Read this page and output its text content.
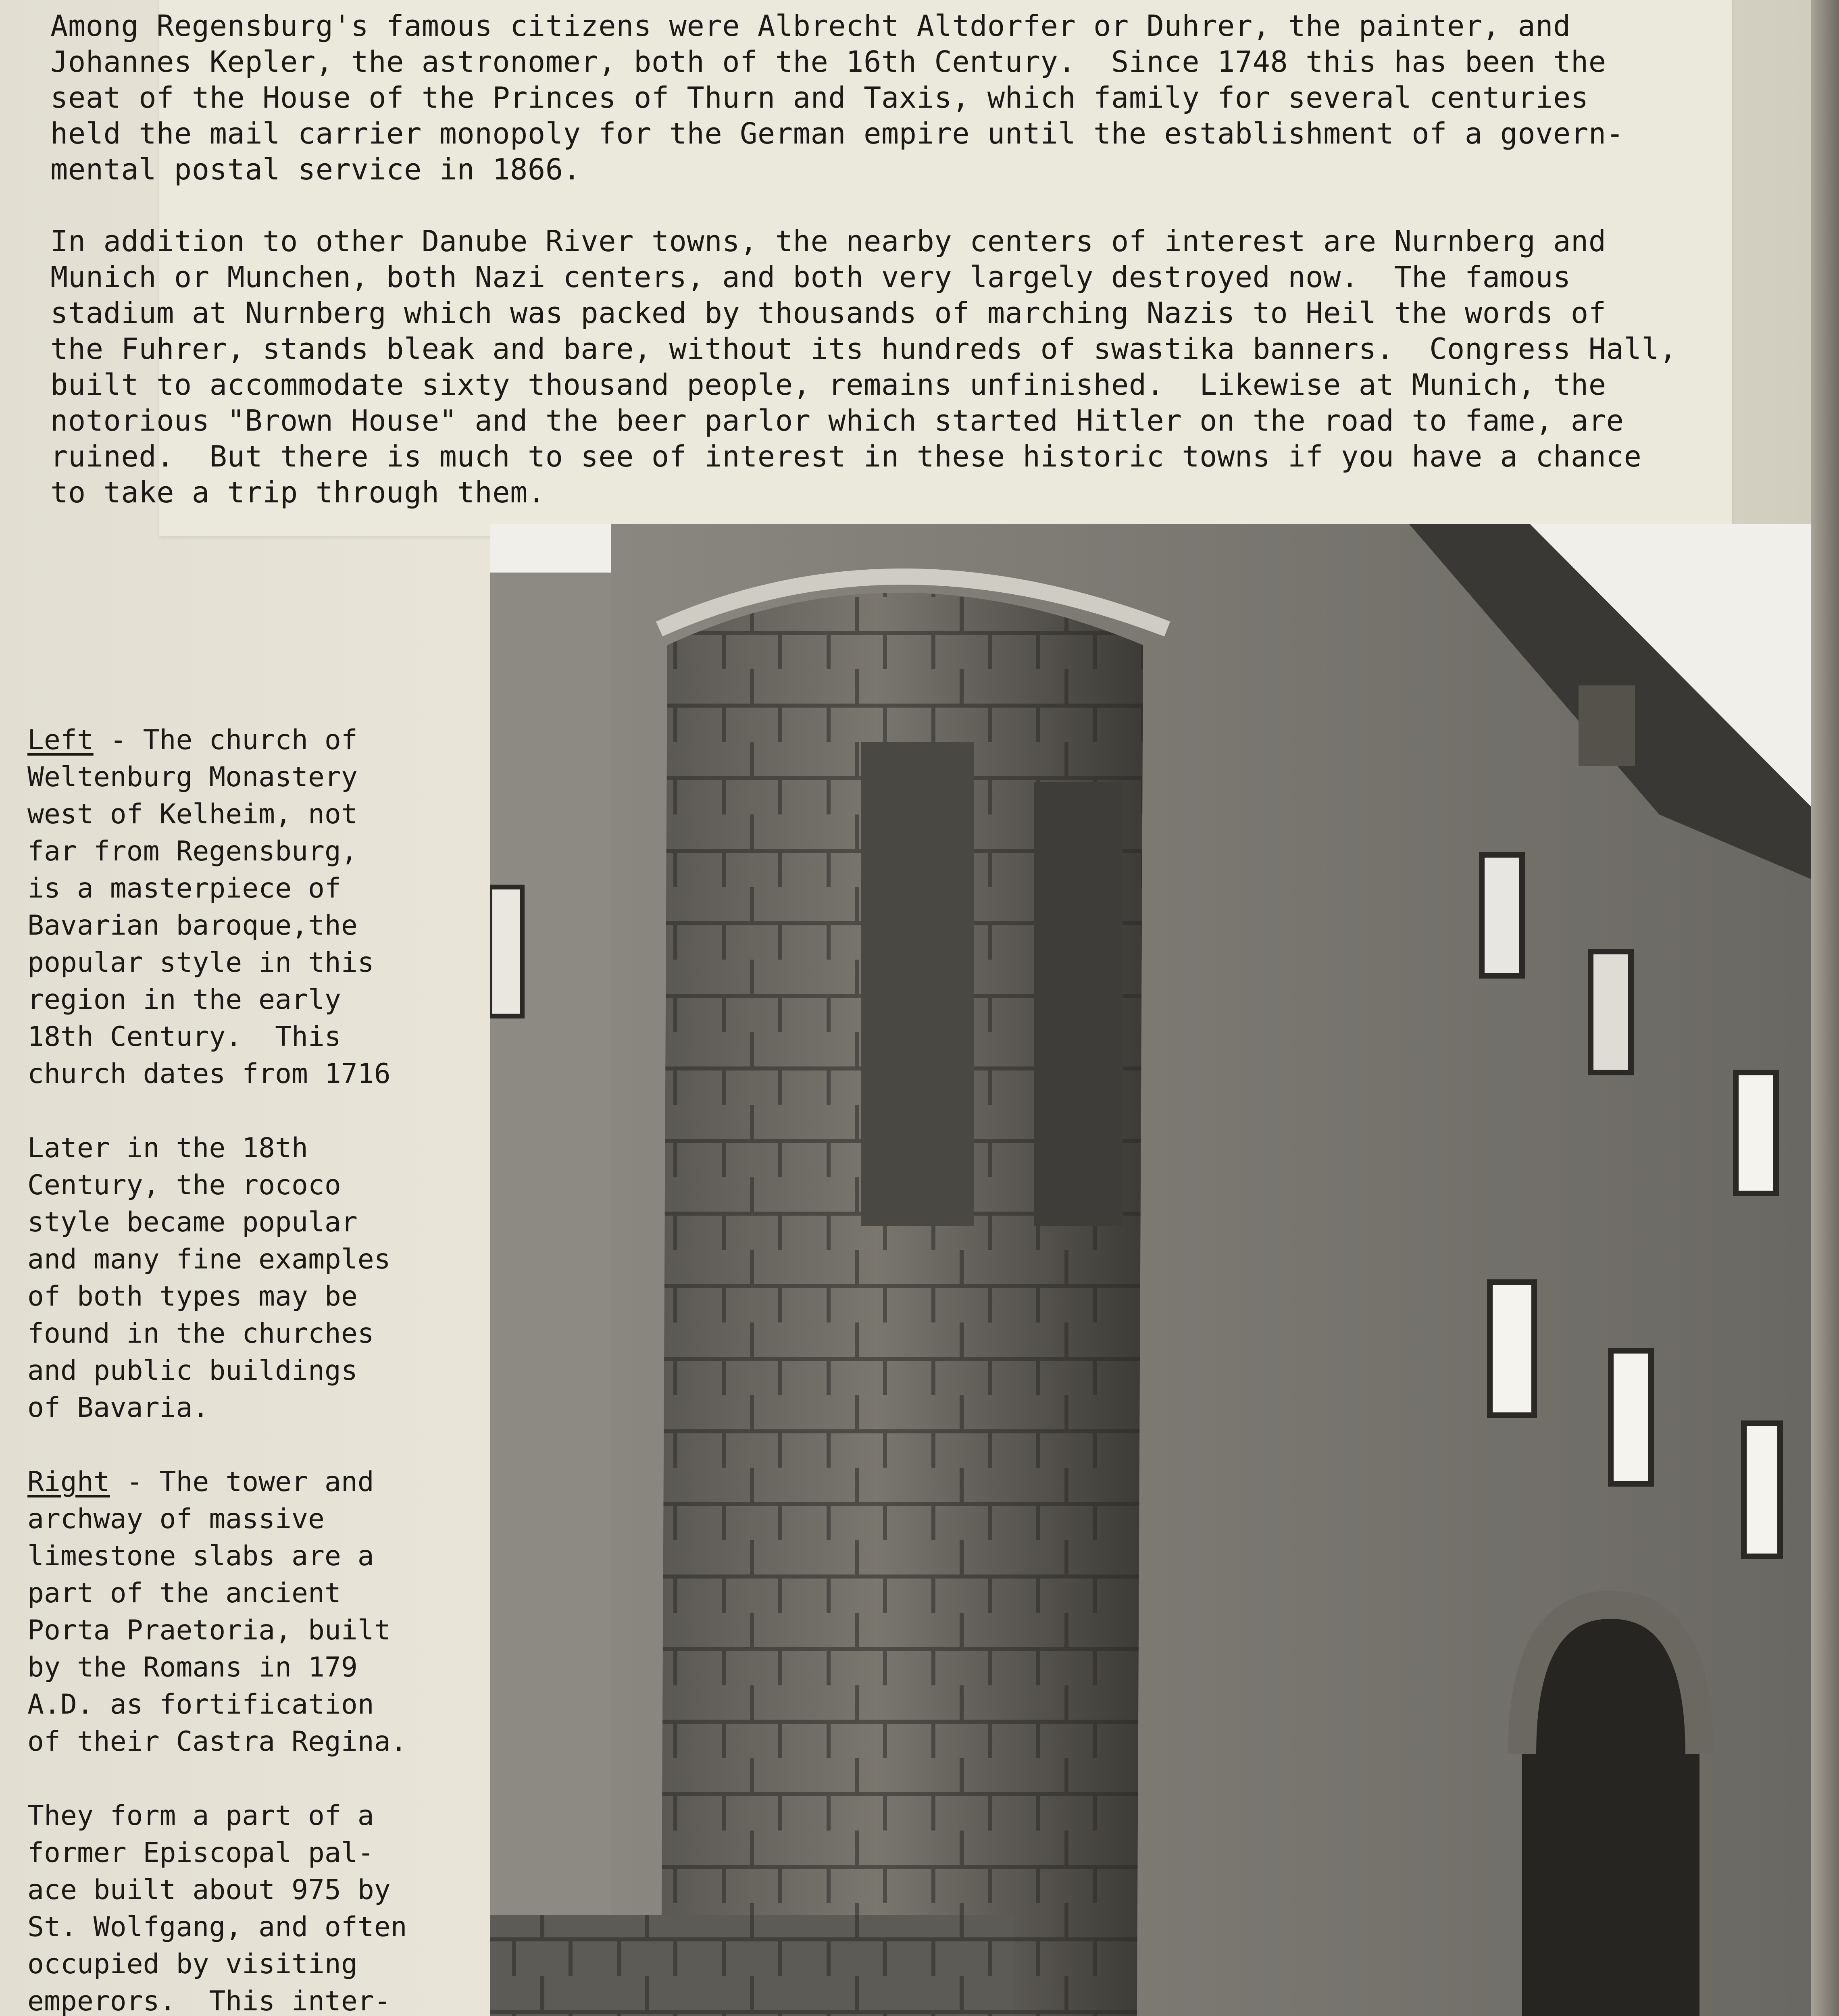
Among Regensburg's famous citizens were Albrecht Altdorfer or Duhrer, the painter, and
Johannes Kepler, the astronomer, both of the 16th Century.  Since 1748 this has been the
seat of the House of the Princes of Thurn and Taxis, which family for several centuries
held the mail carrier monopoly for the German empire until the establishment of a govern-
mental postal service in 1866.

In addition to other Danube River towns, the nearby centers of interest are Nurnberg and
Munich or Munchen, both Nazi centers, and both very largely destroyed now.  The famous
stadium at Nurnberg which was packed by thousands of marching Nazis to Heil the words of
the Fuhrer, stands bleak and bare, without its hundreds of swastika banners.  Congress Hall,
built to accommodate sixty thousand people, remains unfinished.  Likewise at Munich, the
notorious "Brown House" and the beer parlor which started Hitler on the road to fame, are
ruined.  But there is much to see of interest in these historic towns if you have a chance
to take a trip through them.

Left - The church of
Weltenburg Monastery
west of Kelheim, not
far from Regensburg,
is a masterpiece of
Bavarian baroque,the
popular style in this
region in the early
18th Century.  This
church dates from 1716

Later in the 18th
Century, the rococo
style became popular
and many fine examples
of both types may be
found in the churches
and public buildings
of Bavaria.

Right - The tower and
archway of massive
limestone slabs are a
part of the ancient
Porta Praetoria, built
by the Romans in 179
A.D. as fortification
of their Castra Regina.

They form a part of a
former Episcopal pal-
ace built about 975 by
St. Wolfgang, and often
occupied by visiting
emperors.  This inter-
